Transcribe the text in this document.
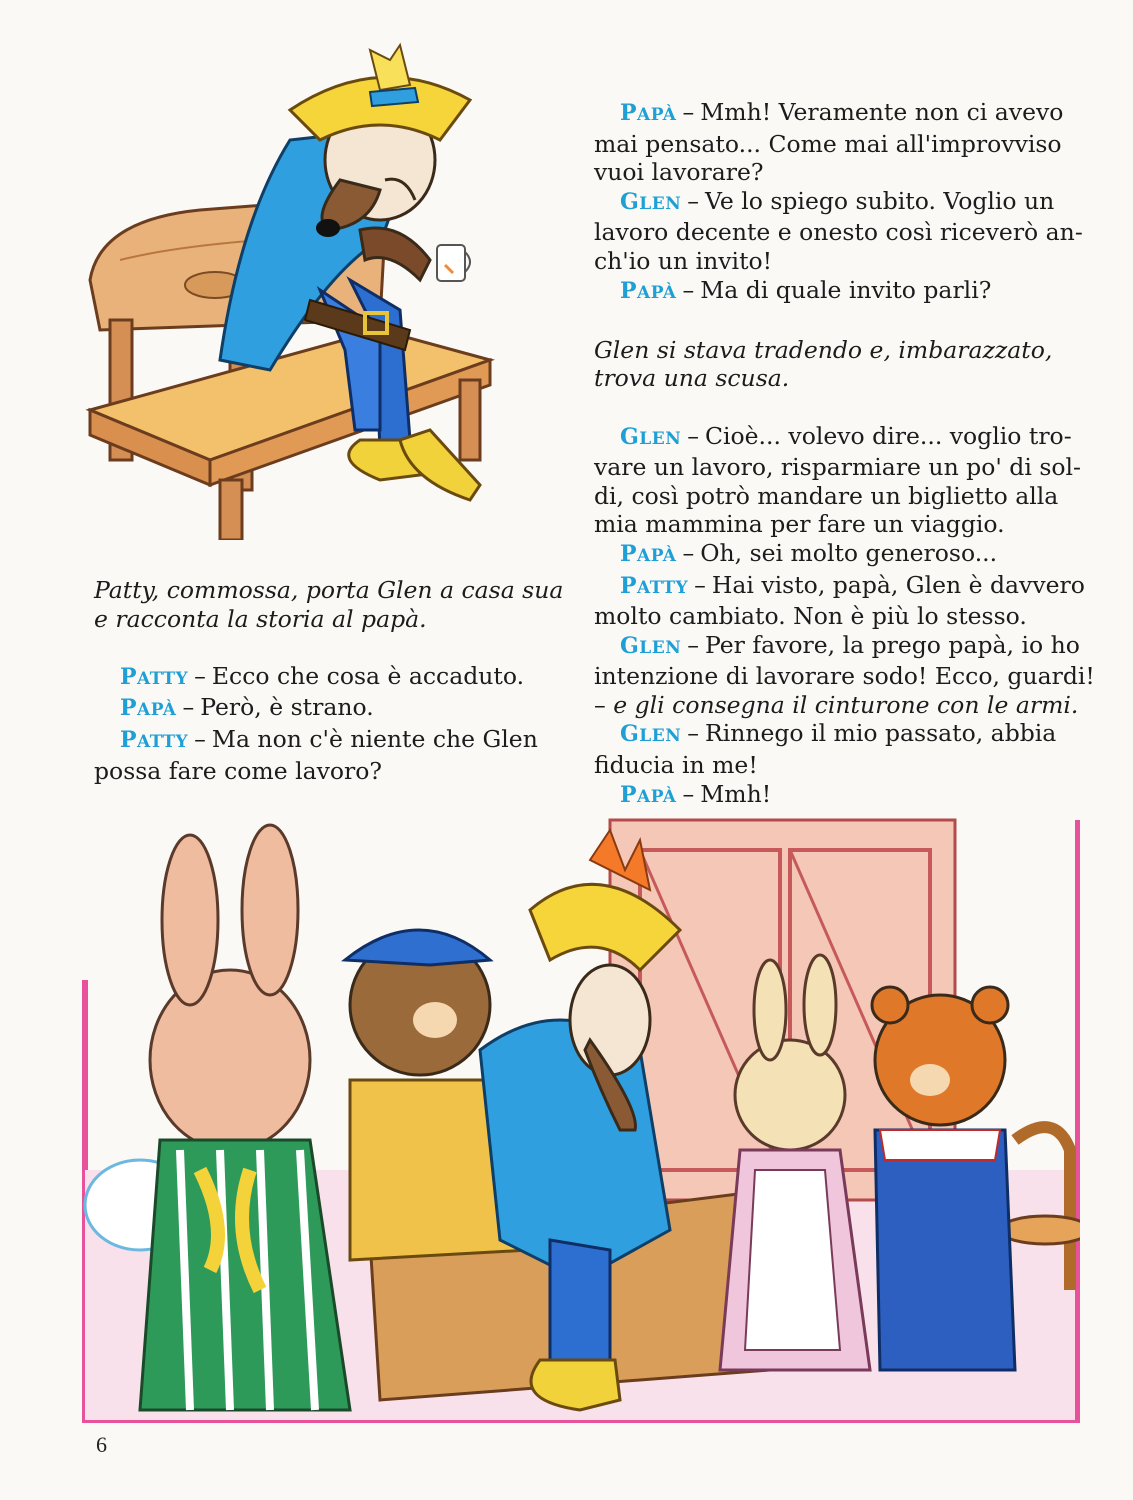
PAPÀ – Mmh! Veramente non ci avevo
mai pensato... Come mai all'improvviso
vuoi lavorare?
GLEN – Ve lo spiego subito. Voglio un
lavoro decente e onesto così riceverò an-
ch'io un invito!
PAPÀ – Ma di quale invito parli?
Glen si stava tradendo e, imbarazzato,
trova una scusa.
GLEN – Cioè... volevo dire... voglio tro-
vare un lavoro, risparmiare un po' di sol-
di, così potrò mandare un biglietto alla
mia mammina per fare un viaggio.
PAPÀ – Oh, sei molto generoso...
PATTY – Hai visto, papà, Glen è davvero
molto cambiato. Non è più lo stesso.
GLEN – Per favore, la prego papà, io ho
intenzione di lavorare sodo! Ecco, guardi!
– e gli consegna il cinturone con le armi.
GLEN – Rinnego il mio passato, abbia
fiducia in me!
PAPÀ – Mmh!
Patty, commossa, porta Glen a casa sua
e racconta la storia al papà.
PATTY – Ecco che cosa è accaduto.
PAPÀ – Però, è strano.
PATTY – Ma non c'è niente che Glen
possa fare come lavoro?
6
